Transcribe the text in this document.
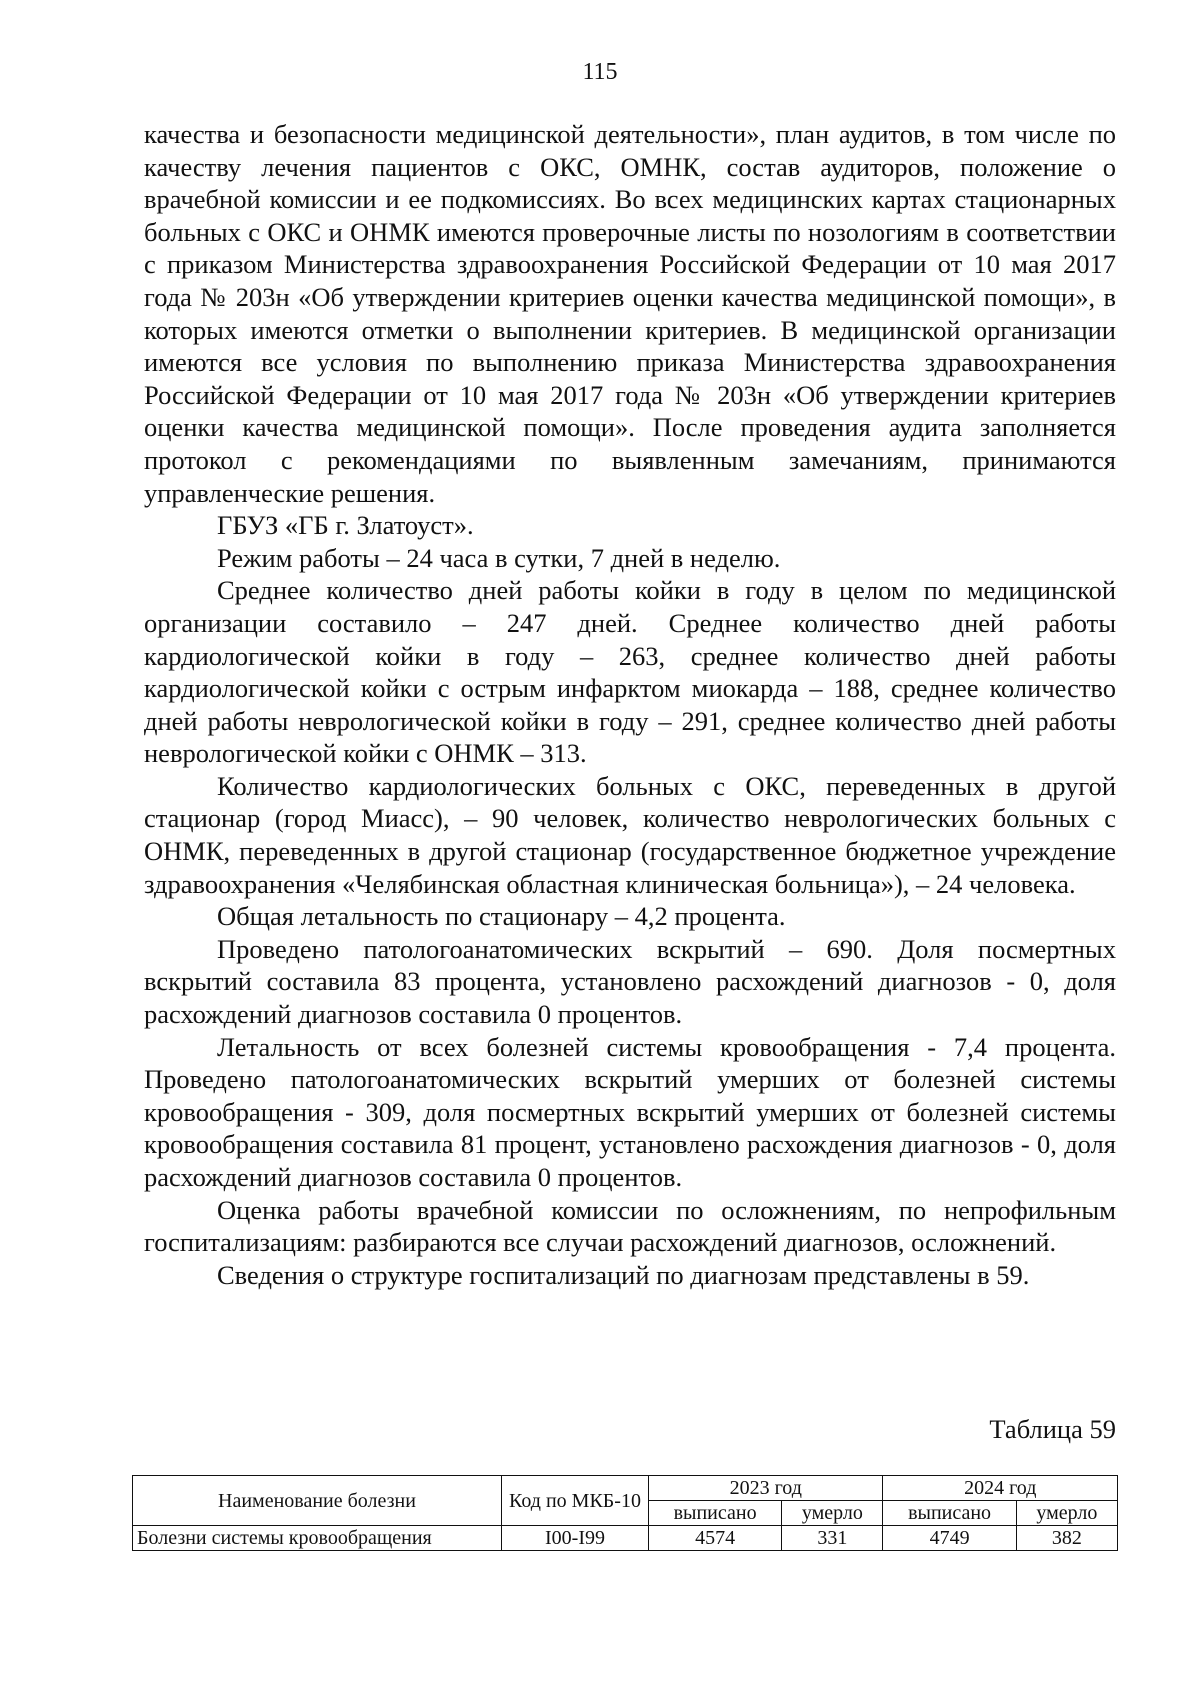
115

качества и безопасности медицинской деятельности», план аудитов, в том числе по качеству лечения пациентов с ОКС, ОМНК, состав аудиторов, положение о врачебной комиссии и ее подкомиссиях. Во всех медицинских картах стационарных больных с ОКС и ОНМК имеются проверочные листы по нозологиям в соответствии с приказом Министерства здравоохранения Российской Федерации от 10 мая 2017 года № 203н «Об утверждении критериев оценки качества медицинской помощи», в которых имеются отметки о выполнении критериев. В медицинской организации имеются все условия по выполнению приказа Министерства здравоохранения Российской Федерации от 10 мая 2017 года № 203н «Об утверждении критериев оценки качества медицинской помощи». После проведения аудита заполняется протокол с рекомендациями по выявленным замечаниям, принимаются управленческие решения.

ГБУЗ «ГБ г. Златоуст».

Режим работы – 24 часа в сутки, 7 дней в неделю.

Среднее количество дней работы койки в году в целом по медицинской организации составило – 247 дней. Среднее количество дней работы кардиологической койки в году – 263, среднее количество дней работы кардиологической койки с острым инфарктом миокарда – 188, среднее количество дней работы неврологической койки в году – 291, среднее количество дней работы неврологической койки с ОНМК – 313.

Количество кардиологических больных с ОКС, переведенных в другой стационар (город Миасс), – 90 человек, количество неврологических больных с ОНМК, переведенных в другой стационар (государственное бюджетное учреждение здравоохранения «Челябинская областная клиническая больница»), – 24 человека.

Общая летальность по стационару – 4,2 процента.

Проведено патологоанатомических вскрытий – 690. Доля посмертных вскрытий составила 83 процента, установлено расхождений диагнозов - 0, доля расхождений диагнозов составила 0 процентов.

Летальность от всех болезней системы кровообращения - 7,4 процента. Проведено патологоанатомических вскрытий умерших от болезней системы кровообращения - 309, доля посмертных вскрытий умерших от болезней системы кровообращения составила 81 процент, установлено расхождения диагнозов - 0, доля расхождений диагнозов составила 0 процентов.

Оценка работы врачебной комиссии по осложнениям, по непрофильным госпитализациям: разбираются все случаи расхождений диагнозов, осложнений.

Сведения о структуре госпитализаций по диагнозам представлены в 59.

Таблица 59
Наименование болезни	Код по МКБ-10	2023 год		2024 год	
		выписано	умерло	выписано	умерло
Болезни системы кровообращения	I00-I99	4574	331	4749	382
